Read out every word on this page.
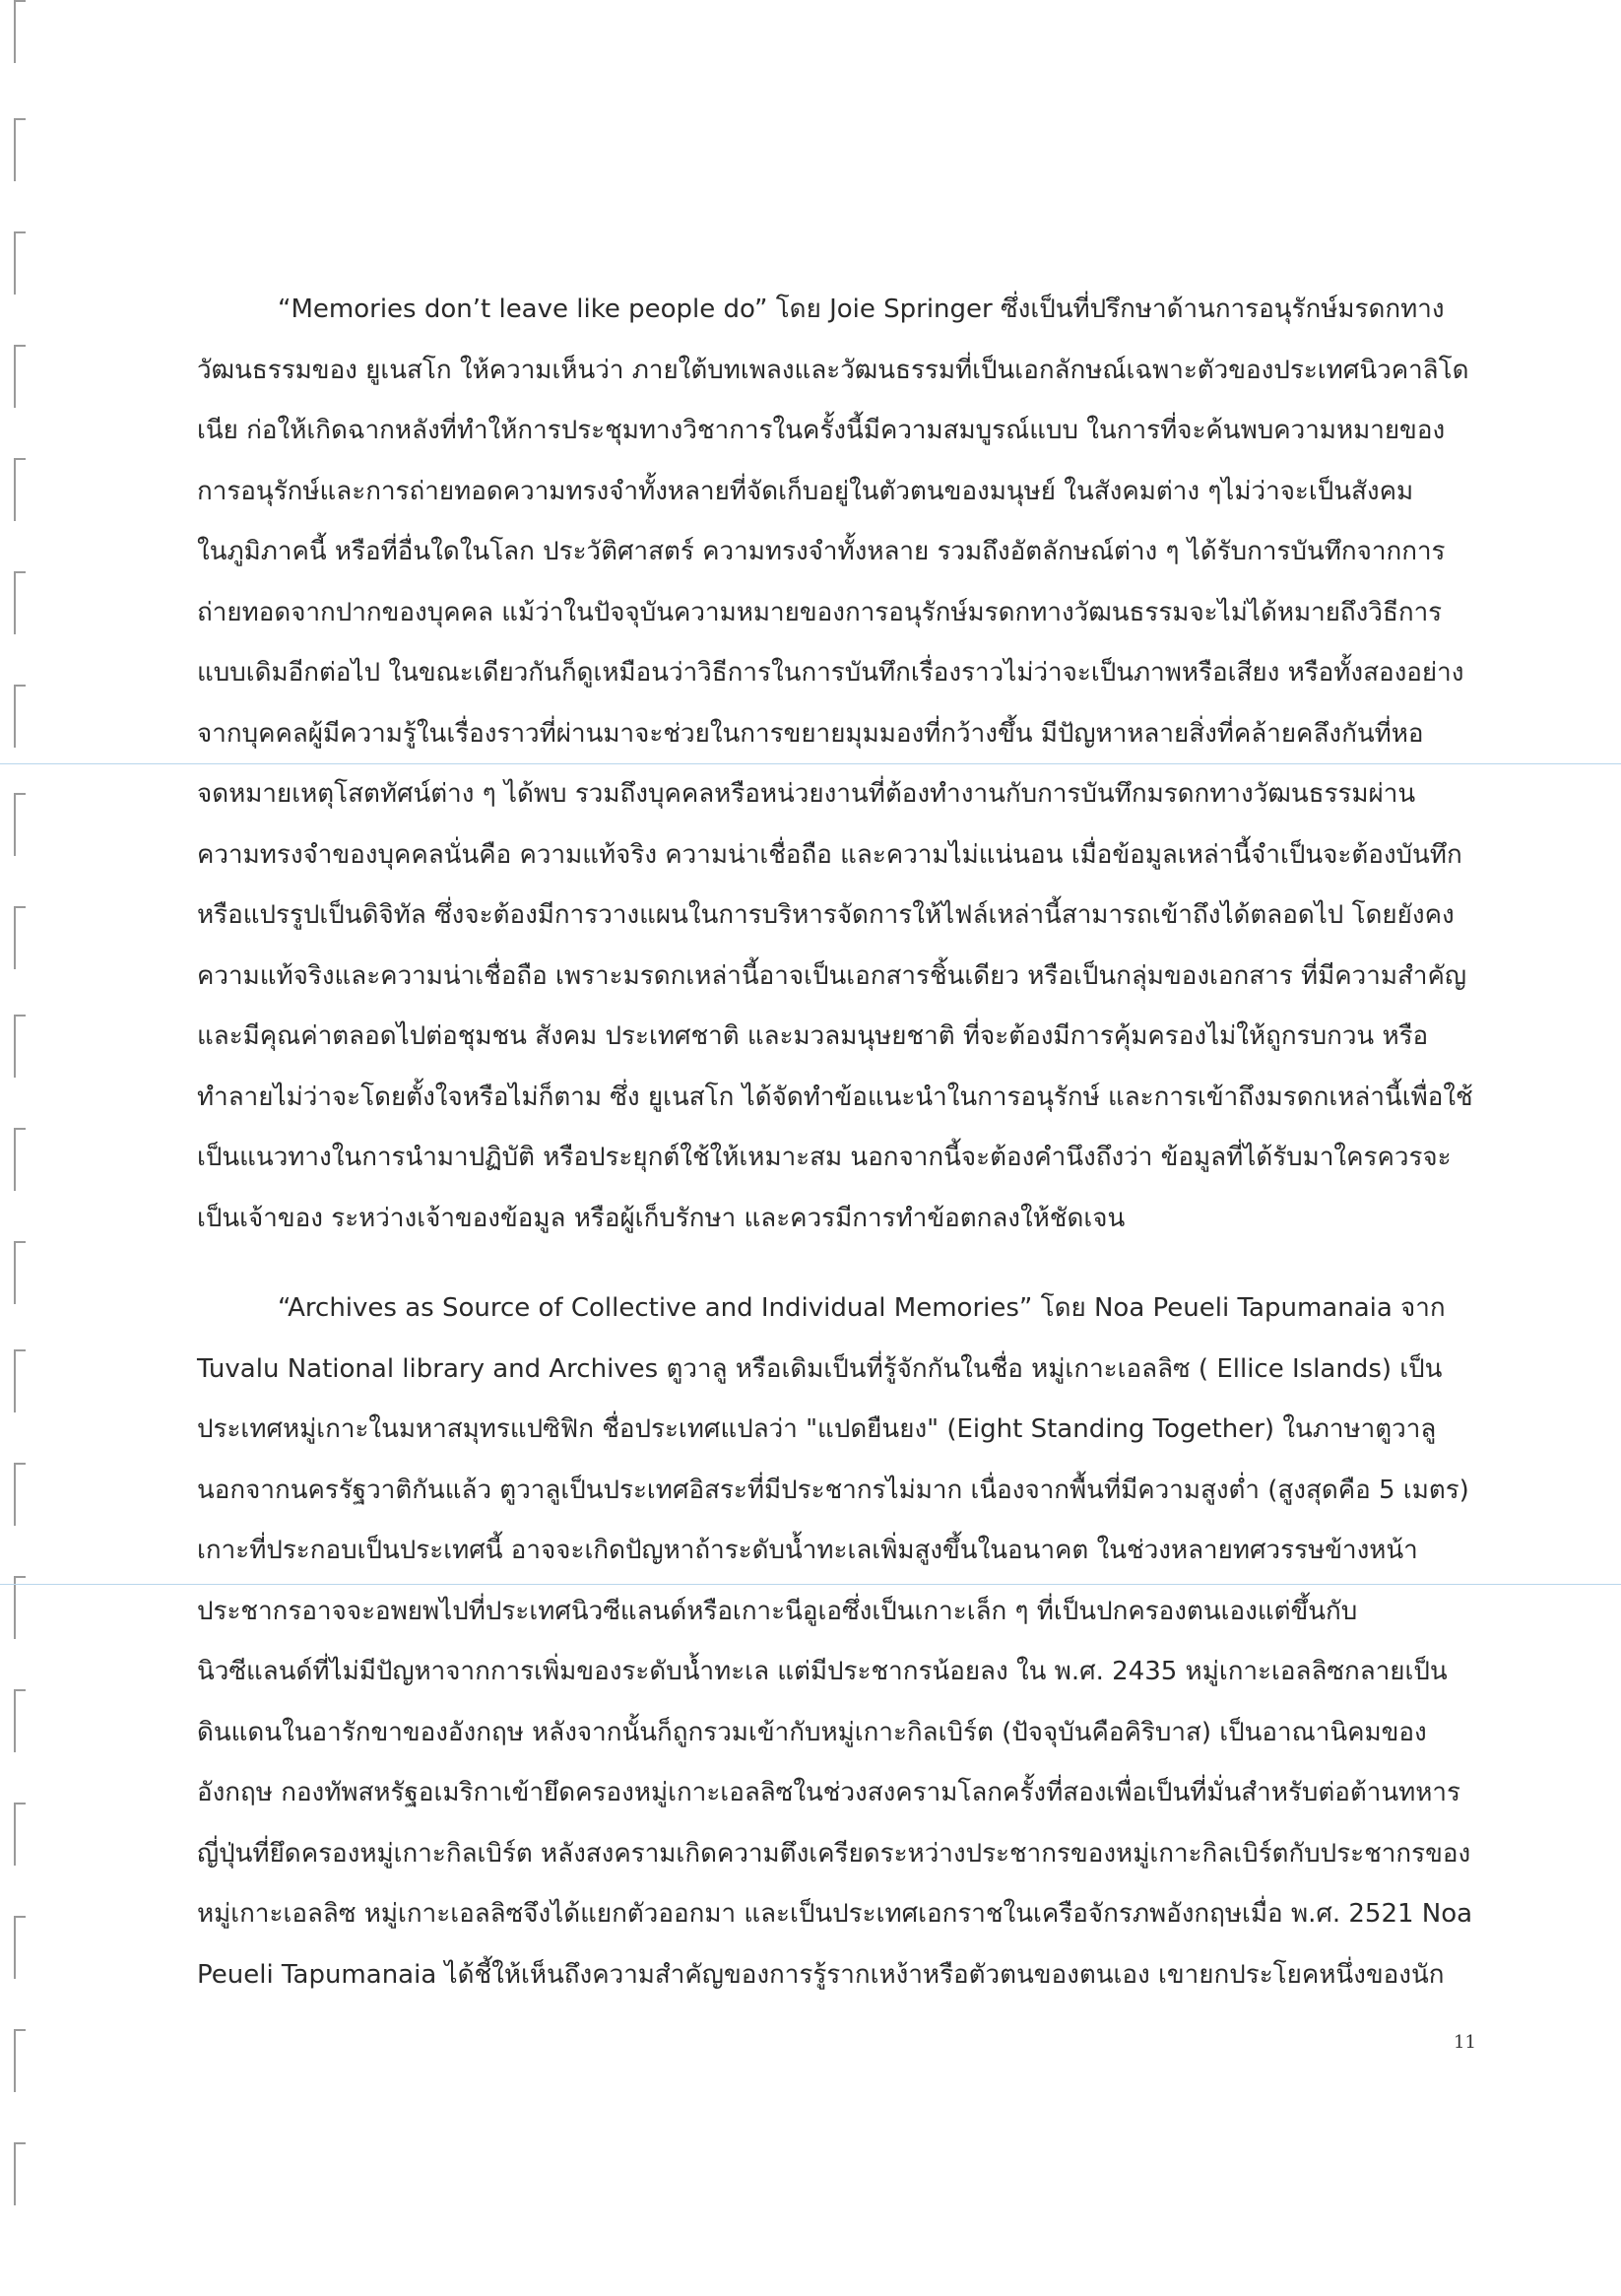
“Memories don’t leave like people do” โดย Joie Springer ซึ่งเป็นที่ปรึกษาด้านการอนุรักษ์มรดกทาง
วัฒนธรรมของ ยูเนสโก ให้ความเห็นว่า ภายใต้บทเพลงและวัฒนธรรมที่เป็นเอกลักษณ์เฉพาะตัวของประเทศนิวคาลิโด
เนีย ก่อให้เกิดฉากหลังที่ทำให้การประชุมทางวิชาการในครั้งนี้มีความสมบูรณ์แบบ ในการที่จะค้นพบความหมายของ
การอนุรักษ์และการถ่ายทอดความทรงจำทั้งหลายที่จัดเก็บอยู่ในตัวตนของมนุษย์ ในสังคมต่าง ๆไม่ว่าจะเป็นสังคม
ในภูมิภาคนี้ หรือที่อื่นใดในโลก ประวัติศาสตร์ ความทรงจำทั้งหลาย รวมถึงอัตลักษณ์ต่าง ๆ ได้รับการบันทึกจากการ
ถ่ายทอดจากปากของบุคคล แม้ว่าในปัจจุบันความหมายของการอนุรักษ์มรดกทางวัฒนธรรมจะไม่ได้หมายถึงวิธีการ
แบบเดิมอีกต่อไป ในขณะเดียวกันก็ดูเหมือนว่าวิธีการในการบันทึกเรื่องราวไม่ว่าจะเป็นภาพหรือเสียง หรือทั้งสองอย่าง
จากบุคคลผู้มีความรู้ในเรื่องราวที่ผ่านมาจะช่วยในการขยายมุมมองที่กว้างขึ้น มีปัญหาหลายสิ่งที่คล้ายคลึงกันที่หอ
จดหมายเหตุโสตทัศน์ต่าง ๆ ได้พบ รวมถึงบุคคลหรือหน่วยงานที่ต้องทำงานกับการบันทึกมรดกทางวัฒนธรรมผ่าน
ความทรงจำของบุคคลนั่นคือ ความแท้จริง ความน่าเชื่อถือ และความไม่แน่นอน เมื่อข้อมูลเหล่านี้จำเป็นจะต้องบันทึก
หรือแปรรูปเป็นดิจิทัล ซึ่งจะต้องมีการวางแผนในการบริหารจัดการให้ไฟล์เหล่านี้สามารถเข้าถึงได้ตลอดไป โดยยังคง
ความแท้จริงและความน่าเชื่อถือ เพราะมรดกเหล่านี้อาจเป็นเอกสารชิ้นเดียว หรือเป็นกลุ่มของเอกสาร ที่มีความสำคัญ
และมีคุณค่าตลอดไปต่อชุมชน สังคม ประเทศชาติ และมวลมนุษยชาติ ที่จะต้องมีการคุ้มครองไม่ให้ถูกรบกวน หรือ
ทำลายไม่ว่าจะโดยตั้งใจหรือไม่ก็ตาม ซึ่ง ยูเนสโก ได้จัดทำข้อแนะนำในการอนุรักษ์ และการเข้าถึงมรดกเหล่านี้เพื่อใช้
เป็นแนวทางในการนำมาปฏิบัติ หรือประยุกต์ใช้ให้เหมาะสม นอกจากนี้จะต้องคำนึงถึงว่า ข้อมูลที่ได้รับมาใครควรจะ
เป็นเจ้าของ ระหว่างเจ้าของข้อมูล หรือผู้เก็บรักษา และควรมีการทำข้อตกลงให้ชัดเจน
“Archives as Source of Collective and Individual Memories” โดย Noa Peueli Tapumanaia จาก
Tuvalu National library and Archives ตูวาลู หรือเดิมเป็นที่รู้จักกันในชื่อ หมู่เกาะเอลลิซ ( Ellice Islands) เป็น
ประเทศหมู่เกาะในมหาสมุทรแปซิฟิก ชื่อประเทศแปลว่า "แปดยืนยง" (Eight Standing Together) ในภาษาตูวาลู
นอกจากนครรัฐวาติกันแล้ว ตูวาลูเป็นประเทศอิสระที่มีประชากรไม่มาก เนื่องจากพื้นที่มีความสูงต่ำ (สูงสุดคือ 5 เมตร)
เกาะที่ประกอบเป็นประเทศนี้ อาจจะเกิดปัญหาถ้าระดับน้ำทะเลเพิ่มสูงขึ้นในอนาคต ในช่วงหลายทศวรรษข้างหน้า
ประชากรอาจจะอพยพไปที่ประเทศนิวซีแลนด์หรือเกาะนีอูเอซึ่งเป็นเกาะเล็ก ๆ ที่เป็นปกครองตนเองแต่ขึ้นกับ
นิวซีแลนด์ที่ไม่มีปัญหาจากการเพิ่มของระดับน้ำทะเล แต่มีประชากรน้อยลง ใน พ.ศ. 2435 หมู่เกาะเอลลิซกลายเป็น
ดินแดนในอารักขาของอังกฤษ หลังจากนั้นก็ถูกรวมเข้ากับหมู่เกาะกิลเบิร์ต (ปัจจุบันคือคิริบาส) เป็นอาณานิคมของ
อังกฤษ กองทัพสหรัฐอเมริกาเข้ายึดครองหมู่เกาะเอลลิซในช่วงสงครามโลกครั้งที่สองเพื่อเป็นที่มั่นสำหรับต่อต้านทหาร
ญี่ปุ่นที่ยึดครองหมู่เกาะกิลเบิร์ต หลังสงครามเกิดความตึงเครียดระหว่างประชากรของหมู่เกาะกิลเบิร์ตกับประชากรของ
หมู่เกาะเอลลิซ หมู่เกาะเอลลิซจึงได้แยกตัวออกมา และเป็นประเทศเอกราชในเครือจักรภพอังกฤษเมื่อ พ.ศ. 2521 Noa
Peueli Tapumanaia ได้ชี้ให้เห็นถึงความสำคัญของการรู้รากเหง้าหรือตัวตนของตนเอง เขายกประโยคหนึ่งของนัก
11
